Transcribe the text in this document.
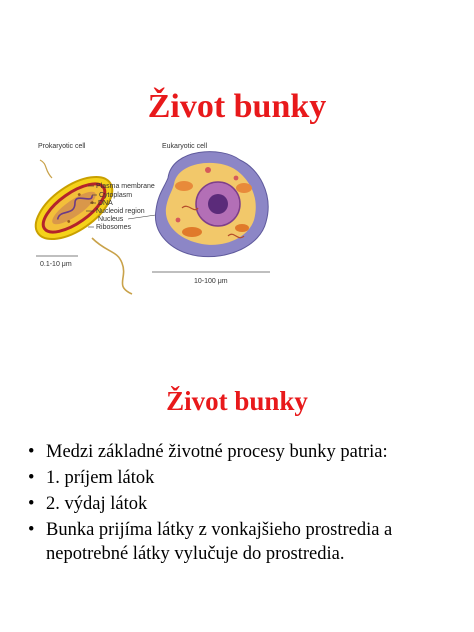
Život bunky
Prokaryotic cell
0.1-10 μm
Plasma membrane
Cytoplasm
DNA
Nucleoid region
Nucleus
Ribosomes
Eukaryotic cell
10-100 μm
Život bunky
• Medzi základné životné procesy bunky patria:
• 1. príjem látok
• 2. výdaj látok
• Bunka prijíma látky z vonkajšieho prostredia a nepotrebné látky vylučuje do prostredia.
